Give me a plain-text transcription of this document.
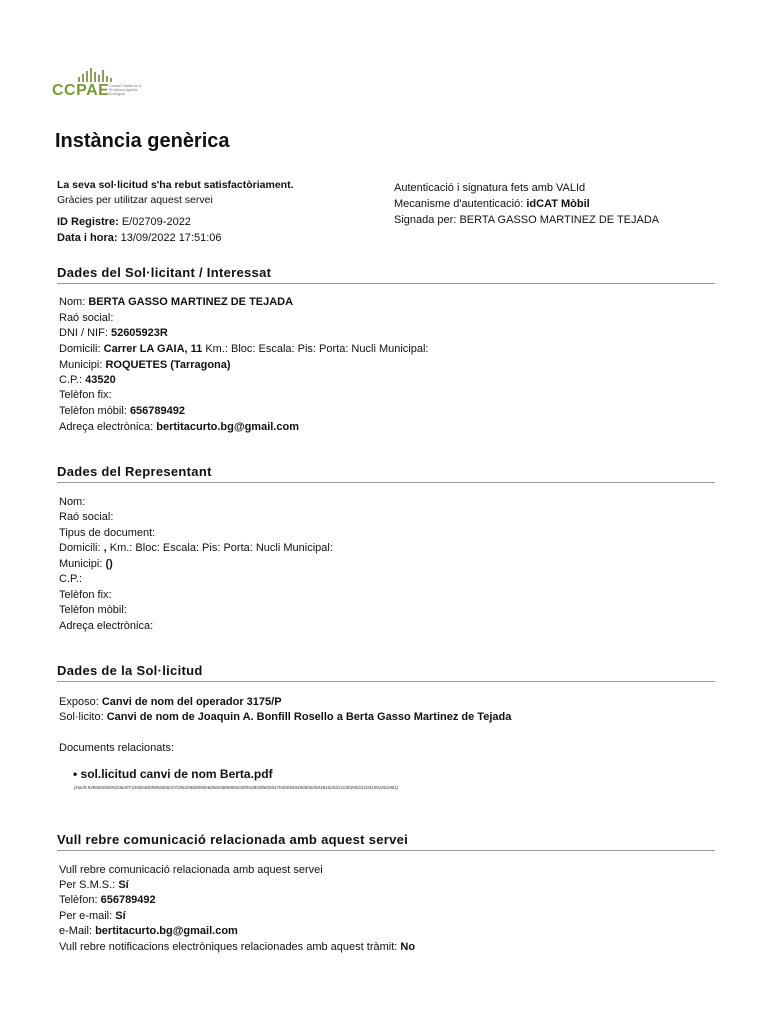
CCPAE Consell Català de la Producció Agrària Ecològica
Instància genèrica
La seva sol·licitud s'ha rebut satisfactòriament.
Gràcies per utilitzar aquest servei
ID Registre: E/02709-2022
Data i hora: 13/09/2022 17:51:06
Autenticació i signatura fets amb VALId
Mecanisme d'autenticació: idCAT Mòbil
Signada per: BERTA GASSO MARTINEZ DE TEJADA
Dades del Sol·licitant / Interessat
Nom: BERTA GASSO MARTINEZ DE TEJADA
Raó social:
DNI / NIF: 52605923R
Domicili: Carrer LA GAIA, 11 Km.: Bloc: Escala: Pis: Porta: Nucli Municipal:
Municipi: ROQUETES (Tarragona)
C.P.: 43520
Telèfon fix:
Telèfon mòbil: 656789492
Adreça electrònica: bertitacurto.bg@gmail.com
Dades del Representant
Nom:
Raó social:
Tipus de document:
Domicili: , Km.: Bloc: Escala: Pis: Porta: Nucli Municipal:
Municipi: ()
C.P.:
Telèfon fix:
Telèfon mòbil:
Adreça electrònica:
Dades de la Sol·licitud
Exposo: Canvi de nom del operador 3175/P
Sol·licito: Canvi de nom de Joaquin A. Bonfill Rosello a Berta Gasso Martinez de Tejada
Documents relacionats:
• sol.licitud canvi de nom Berta.pdf
(Hash:8490650550520640710550480590600620720620560590560560380880033091084086000470400940450600260361020221030200231031001001061)
Vull rebre comunicació relacionada amb aquest servei
Vull rebre comunicació relacionada amb aquest servei
Per S.M.S.: Sí
Telèfon: 656789492
Per e-mail: Sí
e-Mail: bertitacurto.bg@gmail.com
Vull rebre notificacions electròniques relacionades amb aquest tràmit: No
